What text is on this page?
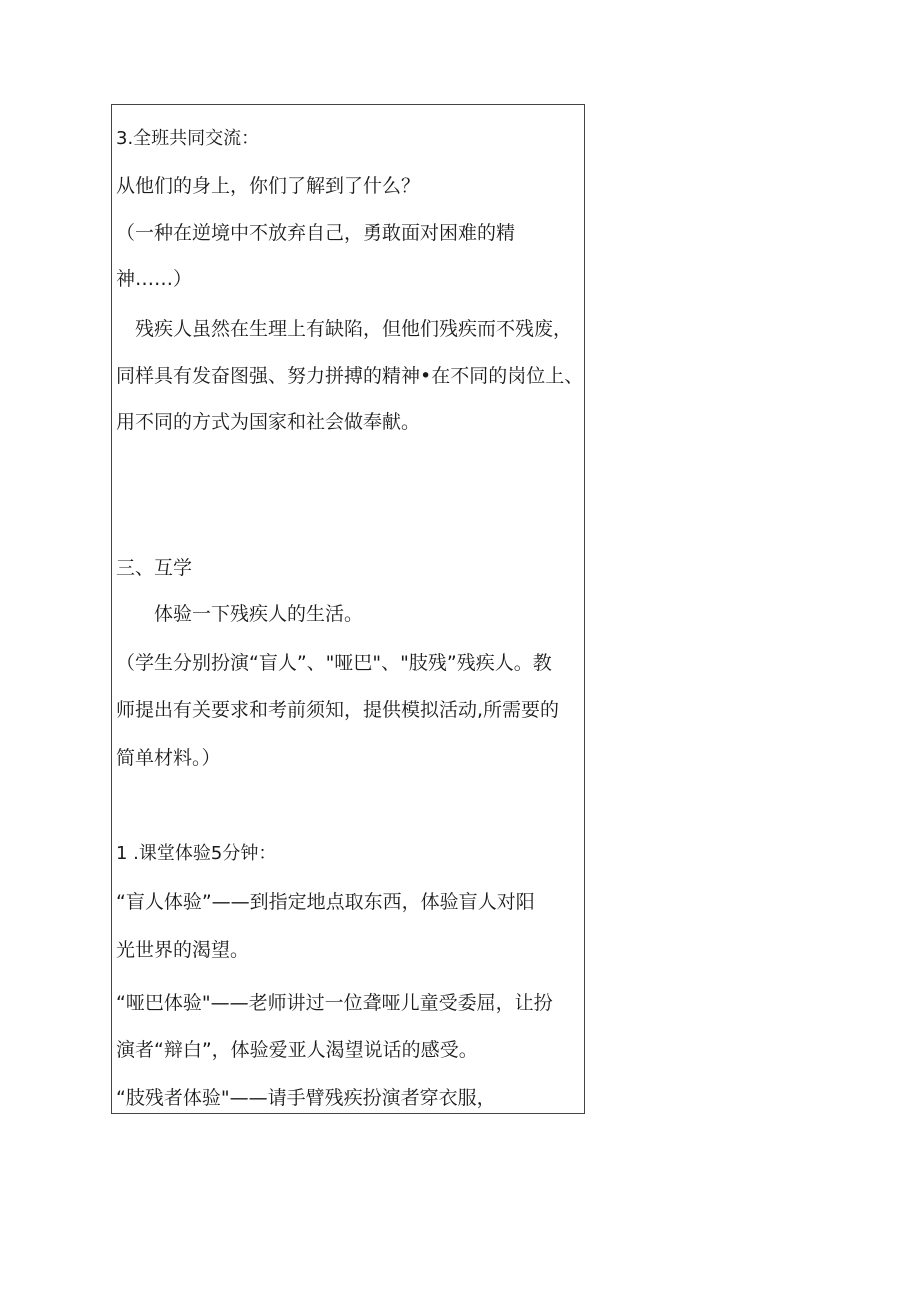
3.全班共同交流：
从他们的身上，你们了解到了什么？
（一种在逆境中不放弃自己，勇敢面对困难的精
神……）
　残疾人虽然在生理上有缺陷，但他们残疾而不残废，
同样具有发奋图强、努力拼搏的精神•在不同的岗位上、
用不同的方式为国家和社会做奉献。
三、互学
　　体验一下残疾人的生活。
（学生分别扮演“盲人”、"哑巴"、"肢残”残疾人。教
师提出有关要求和考前须知，提供模拟活动,所需要的
简单材料。）
1 .课堂体验5分钟：
“盲人体验”——到指定地点取东西，体验盲人对阳
光世界的渴望。
“哑巴体验"——老师讲过一位聋哑儿童受委屈，让扮
演者“辩白”，体验爱亚人渴望说话的感受。
“肢残者体验"——请手臂残疾扮演者穿衣服，
